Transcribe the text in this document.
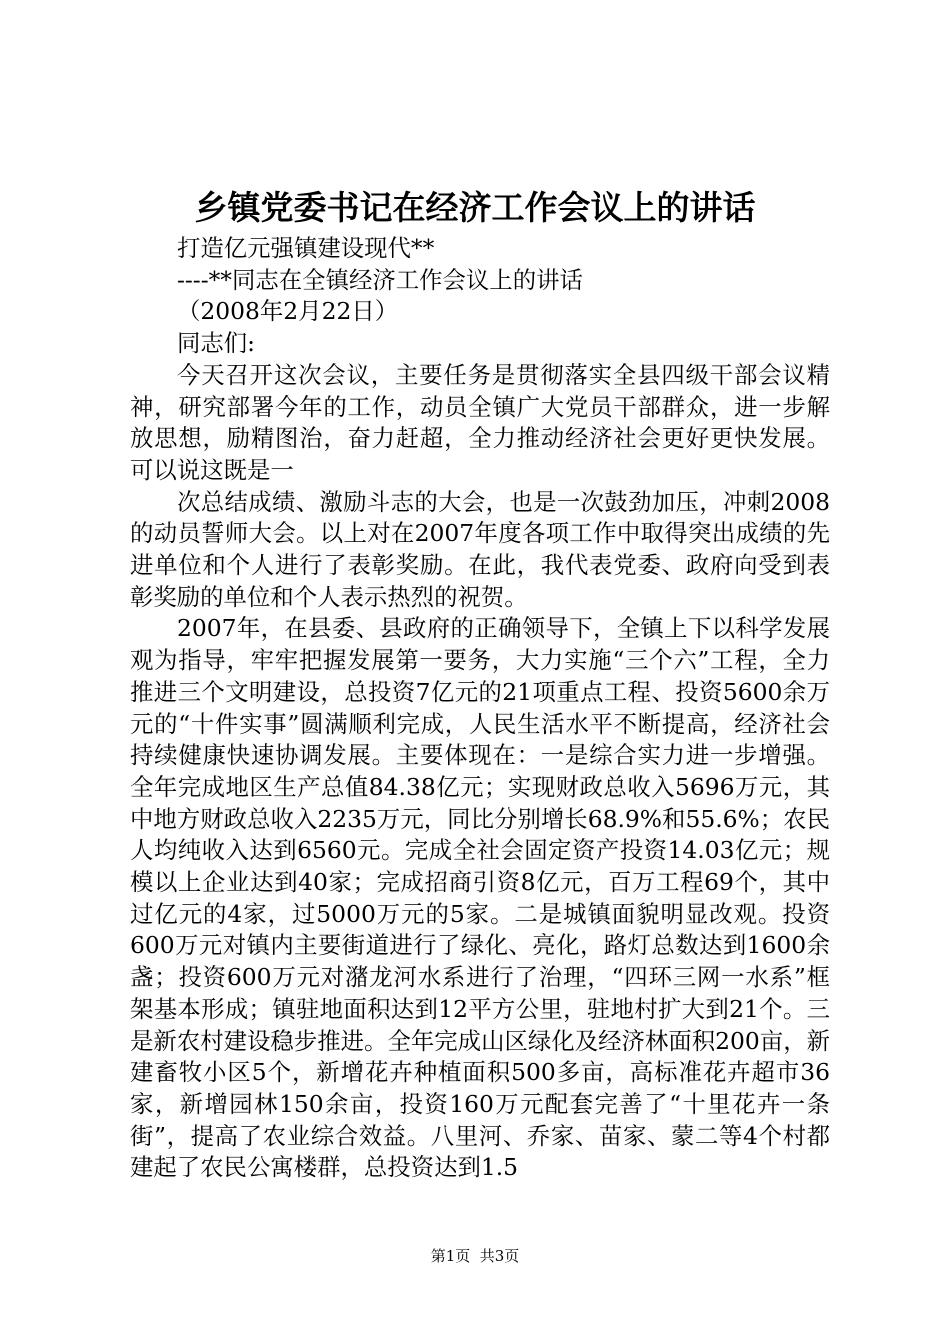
乡镇党委书记在经济工作会议上的讲话

打造亿元强镇建设现代**

----**同志在全镇经济工作会议上的讲话

（2008年2月22日）

同志们:

今天召开这次会议，主要任务是贯彻落实全县四级干部会议精神，研究部署今年的工作，动员全镇广大党员干部群众，进一步解放思想，励精图治，奋力赶超，全力推动经济社会更好更快发展。可以说这既是一

次总结成绩、激励斗志的大会，也是一次鼓劲加压，冲刺2008的动员誓师大会。以上对在2007年度各项工作中取得突出成绩的先进单位和个人进行了表彰奖励。在此，我代表党委、政府向受到表彰奖励的单位和个人表示热烈的祝贺。

2007年，在县委、县政府的正确领导下，全镇上下以科学发展观为指导，牢牢把握发展第一要务，大力实施“三个六”工程，全力推进三个文明建设，总投资7亿元的21项重点工程、投资5600余万元的“十件实事”圆满顺利完成，人民生活水平不断提高，经济社会持续健康快速协调发展。主要体现在：一是综合实力进一步增强。全年完成地区生产总值84.38亿元；实现财政总收入5696万元，其中地方财政总收入2235万元，同比分别增长68.9%和55.6%；农民人均纯收入达到6560元。完成全社会固定资产投资14.03亿元；规模以上企业达到40家；完成招商引资8亿元，百万工程69个，其中过亿元的4家，过5000万元的5家。二是城镇面貌明显改观。投资600万元对镇内主要街道进行了绿化、亮化，路灯总数达到1600余盏；投资600万元对潴龙河水系进行了治理，“四环三网一水系”框架基本形成；镇驻地面积达到12平方公里，驻地村扩大到21个。三是新农村建设稳步推进。全年完成山区绿化及经济林面积200亩，新建畜牧小区5个，新增花卉种植面积500多亩，高标准花卉超市36家，新增园林150余亩，投资160万元配套完善了“十里花卉一条街”，提高了农业综合效益。八里河、乔家、苗家、蒙二等4个村都建起了农民公寓楼群，总投资达到1.5

第1页  共3页
